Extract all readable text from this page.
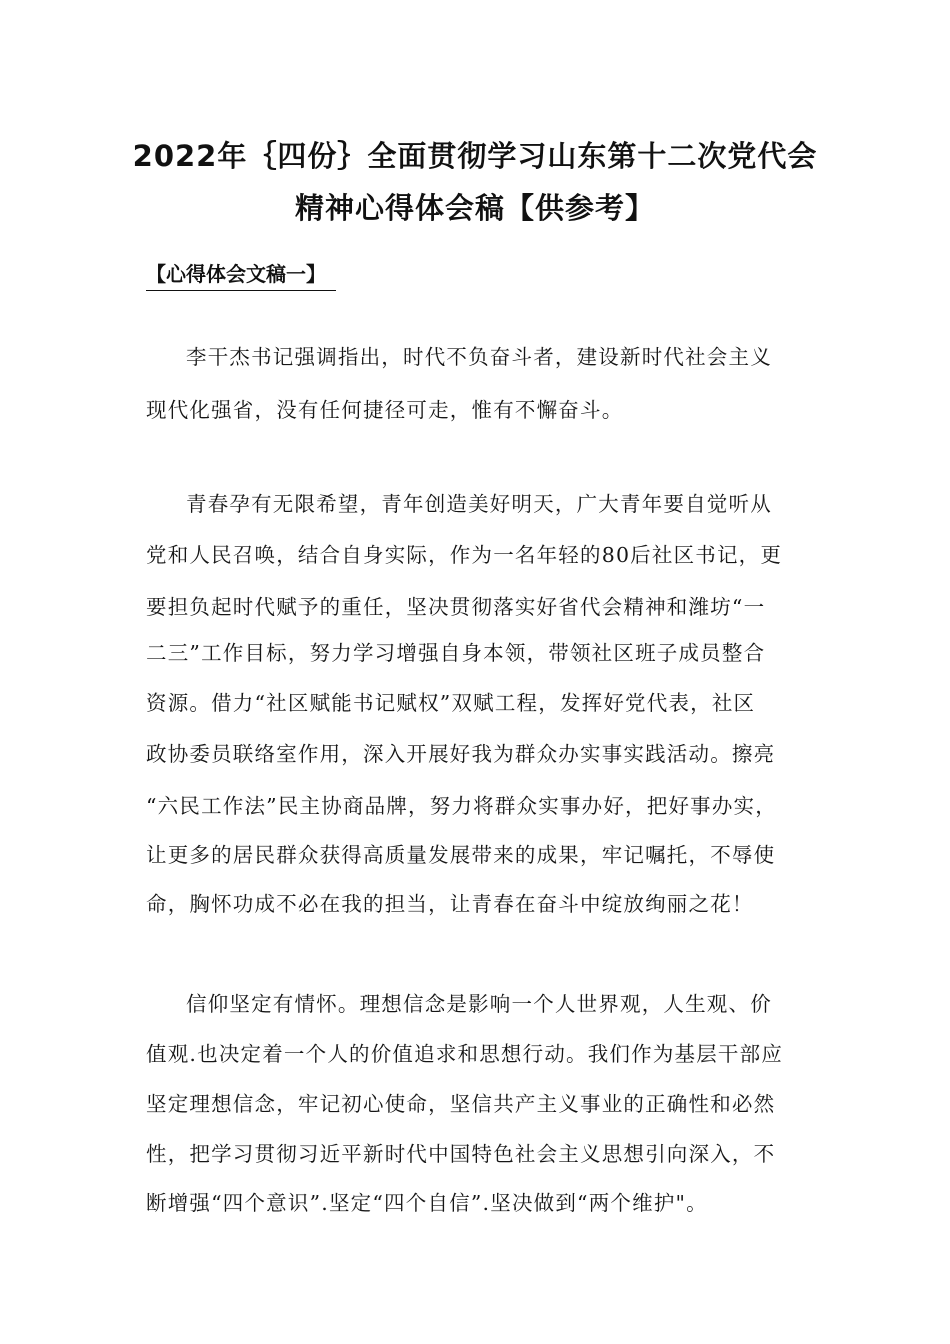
2022年｛四份｝全面贯彻学习山东第十二次党代会
精神心得体会稿【供参考】
【心得体会文稿一】
李干杰书记强调指出，时代不负奋斗者，建设新时代社会主义
现代化强省，没有任何捷径可走，惟有不懈奋斗。
青春孕有无限希望，青年创造美好明天，广大青年要自觉听从
党和人民召唤，结合自身实际，作为一名年轻的80后社区书记，更
要担负起时代赋予的重任，坚决贯彻落实好省代会精神和潍坊“一
二三”工作目标，努力学习增强自身本领，带领社区班子成员整合
资源。借力“社区赋能书记赋权”双赋工程，发挥好党代表，社区
政协委员联络室作用，深入开展好我为群众办实事实践活动。擦亮
“六民工作法”民主协商品牌，努力将群众实事办好，把好事办实，
让更多的居民群众获得高质量发展带来的成果，牢记嘱托，不辱使
命，胸怀功成不必在我的担当，让青春在奋斗中绽放绚丽之花！
信仰坚定有情怀。理想信念是影响一个人世界观，人生观、价
值观.也决定着一个人的价值追求和思想行动。我们作为基层干部应
坚定理想信念，牢记初心使命，坚信共产主义事业的正确性和必然
性，把学习贯彻习近平新时代中国特色社会主义思想引向深入，不
断增强“四个意识”.坚定“四个自信”.坚决做到“两个维护"。
